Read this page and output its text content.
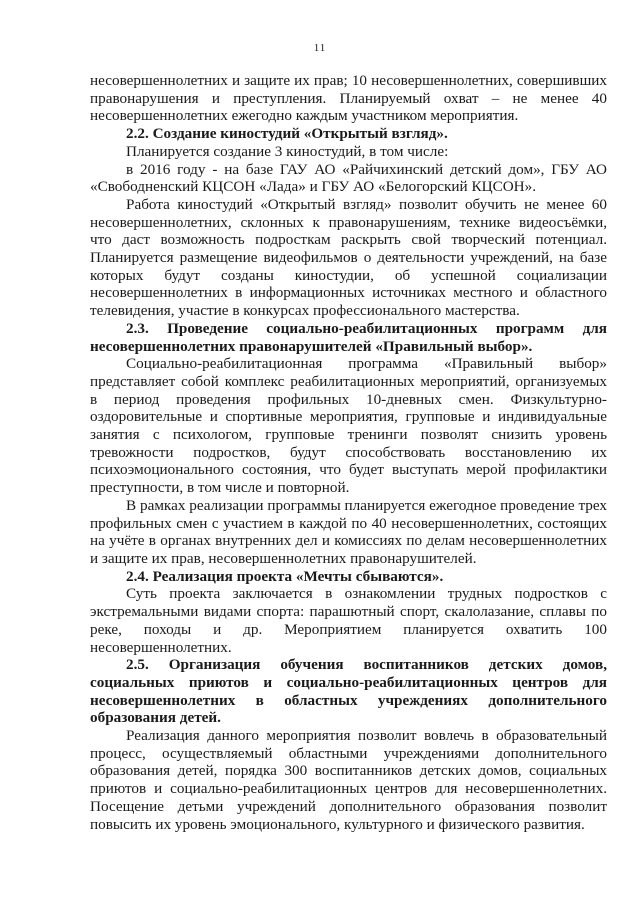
11

несовершеннолетних и защите их прав; 10 несовершеннолетних, совершивших правонарушения и преступления. Планируемый охват – не менее 40 несовершеннолетних ежегодно каждым участником мероприятия.

2.2. Создание киностудий «Открытый взгляд».

Планируется создание 3 киностудий, в том числе:

в 2016 году - на базе ГАУ АО «Райчихинский детский дом», ГБУ АО «Свободненский КЦСОН «Лада» и ГБУ АО «Белогорский КЦСОН».

Работа киностудий «Открытый взгляд» позволит обучить не менее 60 несовершеннолетних, склонных к правонарушениям, технике видеосъёмки, что даст возможность подросткам раскрыть свой творческий потенциал. Планируется размещение видеофильмов о деятельности учреждений, на базе которых будут созданы киностудии, об успешной социализации несовершеннолетних в информационных источниках местного и областного телевидения, участие в конкурсах профессионального мастерства.

2.3. Проведение социально-реабилитационных программ для несовершеннолетних правонарушителей «Правильный выбор».

Социально-реабилитационная программа «Правильный выбор» представляет собой комплекс реабилитационных мероприятий, организуемых в период проведения профильных 10-дневных смен. Физкультурно-оздоровительные и спортивные мероприятия, групповые и индивидуальные занятия с психологом, групповые тренинги позволят снизить уровень тревожности подростков, будут способствовать восстановлению их психоэмоционального состояния, что будет выступать мерой профилактики преступности, в том числе и повторной.

В рамках реализации программы планируется ежегодное проведение трех профильных смен с участием в каждой по 40 несовершеннолетних, состоящих на учёте в органах внутренних дел и комиссиях по делам несовершеннолетних и защите их прав, несовершеннолетних правонарушителей.

2.4. Реализация проекта «Мечты сбываются».

Суть проекта заключается в ознакомлении трудных подростков с экстремальными видами спорта: парашютный спорт, скалолазание, сплавы по реке, походы и др. Мероприятием планируется охватить 100 несовершеннолетних.

2.5. Организация обучения воспитанников детских домов, социальных приютов и социально-реабилитационных центров для несовершеннолетних в областных учреждениях дополнительного образования детей.

Реализация данного мероприятия позволит вовлечь в образовательный процесс, осуществляемый областными учреждениями дополнительного образования детей, порядка 300 воспитанников детских домов, социальных приютов и социально-реабилитационных центров для несовершеннолетних. Посещение детьми учреждений дополнительного образования позволит повысить их уровень эмоционального, культурного и физического развития.
